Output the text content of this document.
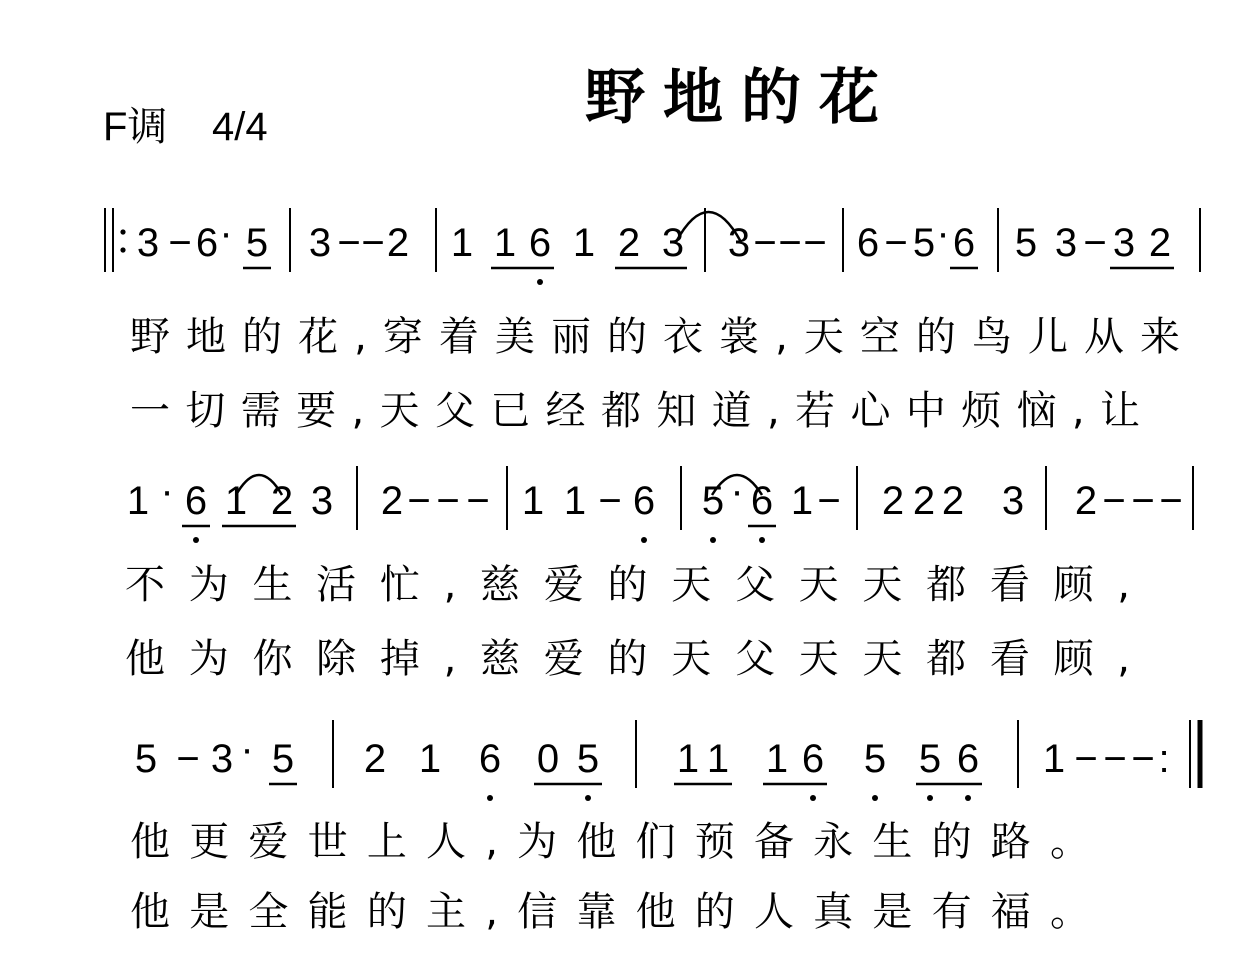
野地的花
F调 4/4
3 − 6 · 5 3 − − 2 1 1 6 1 2 3 3 − − − 6 − 5 · 6 5 3 − 3 2
1 · 6 1 2 3 2 − − − 1 1 − 6 5 · 6 1 − 2 2 2 3 2 − − −
5 − 3 · 5 2 1 6 0 5 1 1 1 6 5 5 6 1 − − − :
野地的花,穿着美丽的衣裳,天空的鸟儿从来
一切需要,天父已经都知道,若心中烦恼,让
不为生活忙,慈爱的天父天天都看顾,
他为你除掉,慈爱的天父天天都看顾,
他更爱世上人,为他们预备永生的路。
他是全能的主,信靠他的人真是有福。
